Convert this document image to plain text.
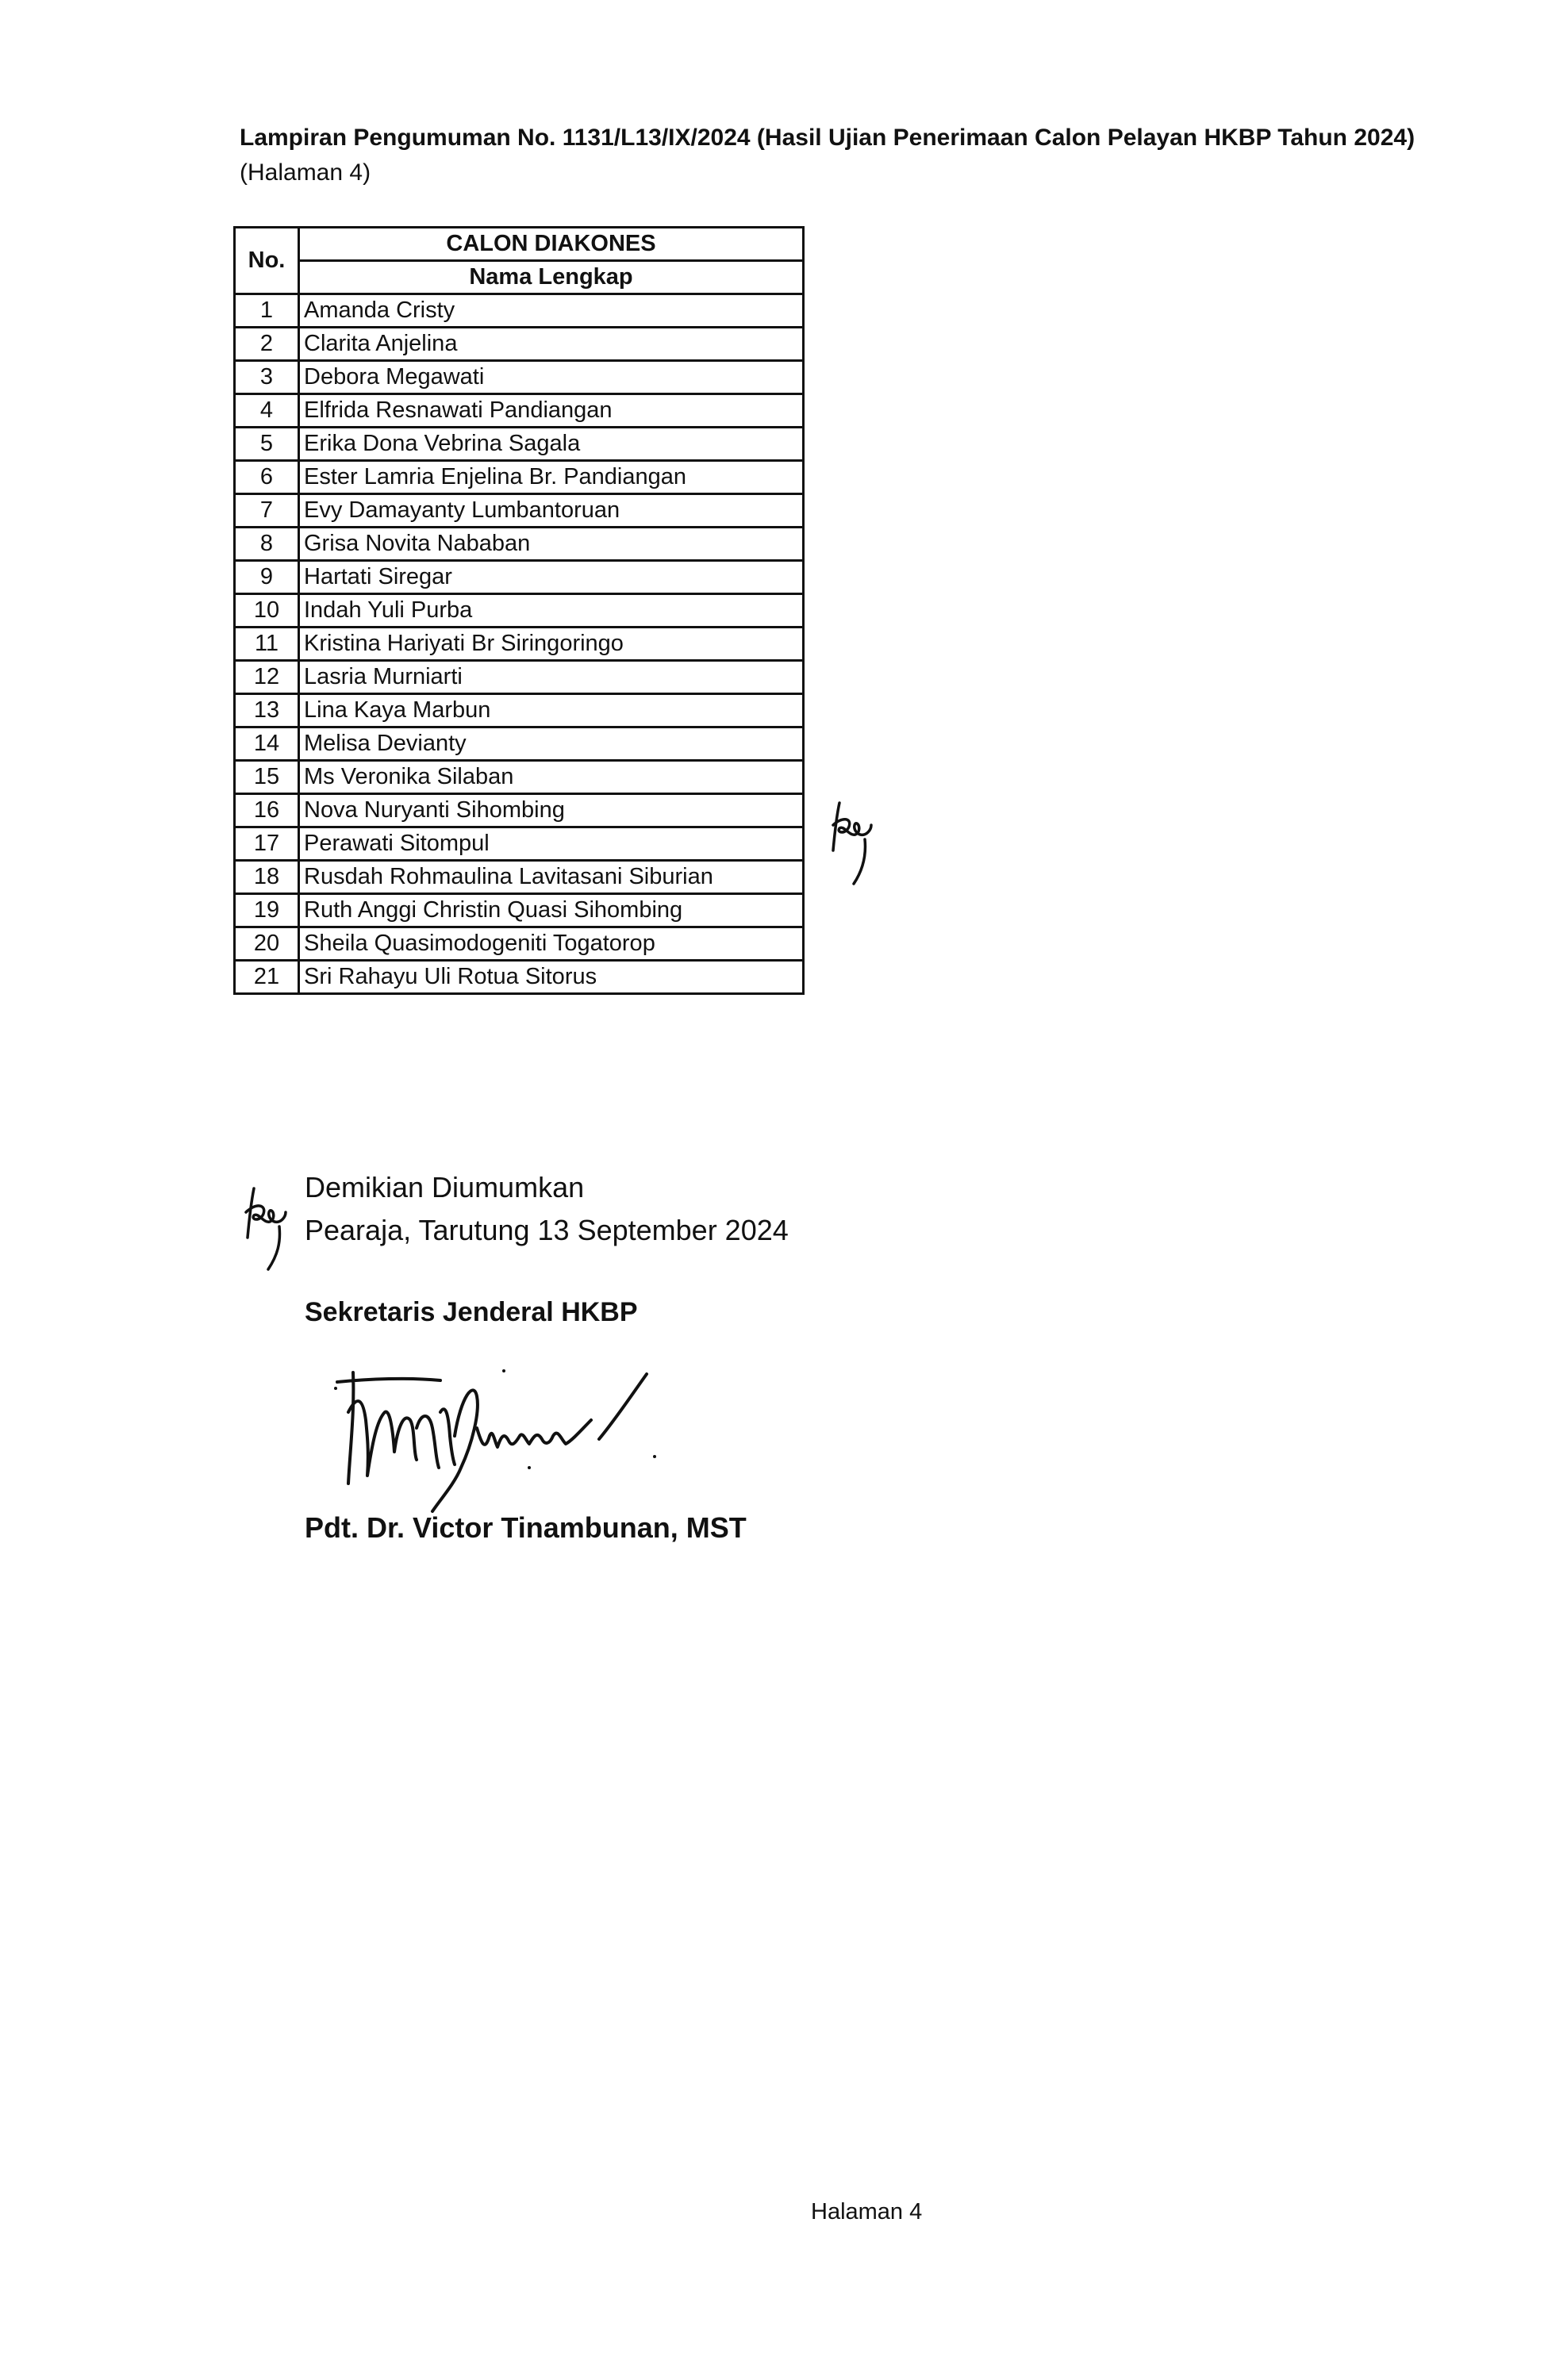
Lampiran Pengumuman No. 1131/L13/IX/2024 (Hasil Ujian Penerimaan Calon Pelayan HKBP Tahun 2024)
(Halaman 4)
No.	CALON DIAKONES
	Nama Lengkap
1	Amanda Cristy
2	Clarita Anjelina
3	Debora Megawati
4	Elfrida Resnawati Pandiangan
5	Erika Dona Vebrina Sagala
6	Ester Lamria Enjelina Br. Pandiangan
7	Evy Damayanty Lumbantoruan
8	Grisa Novita Nababan
9	Hartati Siregar
10	Indah Yuli Purba
11	Kristina Hariyati Br Siringoringo
12	Lasria Murniarti
13	Lina Kaya Marbun
14	Melisa Devianty
15	Ms Veronika Silaban
16	Nova Nuryanti Sihombing
17	Perawati Sitompul
18	Rusdah Rohmaulina Lavitasani Siburian
19	Ruth Anggi Christin Quasi Sihombing
20	Sheila Quasimodogeniti Togatorop
21	Sri Rahayu Uli Rotua Sitorus
Demikian Diumumkan
Pearaja, Tarutung 13 September 2024
Sekretaris Jenderal HKBP
Pdt. Dr. Victor Tinambunan, MST
Halaman 4
